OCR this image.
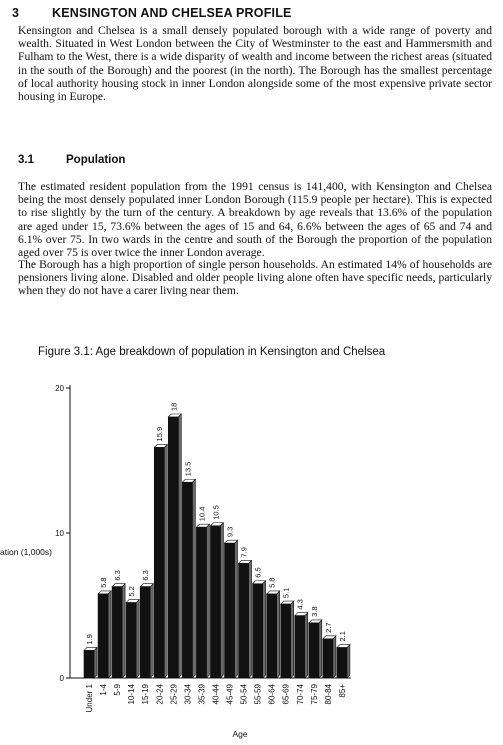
3	KENSINGTON AND CHELSEA PROFILE
Kensington and Chelsea is a small densely populated borough with a wide range of poverty and wealth. Situated in West London between the City of Westminster to the east and Hammersmith and Fulham to the West, there is a wide disparity of wealth and income between the richest areas (situated in the south of the Borough) and the poorest (in the north). The Borough has the smallest percentage of local authority housing stock in inner London alongside some of the most expensive private sector housing in Europe.
3.1	Population
The estimated resident population from the 1991 census is 141,400, with Kensington and Chelsea being the most densely populated inner London Borough (115.9 people per hectare). This is expected to rise slightly by the turn of the century. A breakdown by age reveals that 13.6% of the population are aged under 15, 73.6% between the ages of 15 and 64, 6.6% between the ages of 65 and 74 and 6.1% over 75. In two wards in the centre and south of the Borough the proportion of the population aged over 75 is over twice the inner London average.
The Borough has a high proportion of single person households. An estimated 14% of households are pensioners living alone. Disabled and older people living alone often have specific needs, particularly when they do not have a carer living near them.
Figure 3.1: Age breakdown of population in Kensington and Chelsea
0
10
20
ation (1,000s)
Age
1.9
Under 1
5.8
1-4
6.3
5-9
5.2
10-14
6.3
15-19
15.9
20-24
18
25-29
13.5
30-34
10.4
35-39
10.5
40-44
9.3
45-49
7.9
50-54
6.5
55-59
5.8
60-64
5.1
65-69
4.3
70-74
3.8
75-79
2.7
80-84
2.1
85+
